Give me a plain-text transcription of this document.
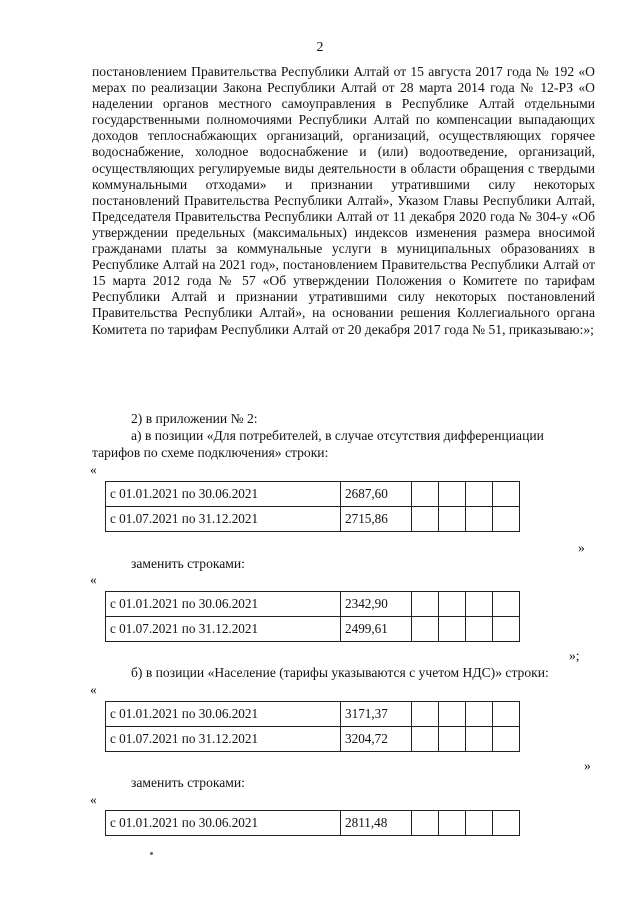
2

постановлением Правительства Республики Алтай от 15 августа 2017 года № 192 «О мерах по реализации Закона Республики Алтай от 28 марта 2014 года № 12-РЗ «О наделении органов местного самоуправления в Республике Алтай отдельными государственными полномочиями Республики Алтай по компенсации выпадающих доходов теплоснабжающих организаций, организаций, осуществляющих горячее водоснабжение, холодное водоснабжение и (или) водоотведение, организаций, осуществляющих регулируемые виды деятельности в области обращения с твердыми коммунальными отходами» и признании утратившими силу некоторых постановлений Правительства Республики Алтай», Указом Главы Республики Алтай, Председателя Правительства Республики Алтай от 11 декабря 2020 года № 304-у «Об утверждении предельных (максимальных) индексов изменения размера вносимой гражданами платы за коммунальные услуги в муниципальных образованиях в Республике Алтай на 2021 год», постановлением Правительства Республики Алтай от 15 марта 2012 года № 57 «Об утверждении Положения о Комитете по тарифам Республики Алтай и признании утратившими силу некоторых постановлений Правительства Республики Алтай», на основании решения Коллегиального органа Комитета по тарифам Республики Алтай от 20 декабря 2017 года № 51, приказываю:»;

2) в приложении № 2:
а) в позиции «Для потребителей, в случае отсутствия дифференциации
тарифов по схеме подключения» строки:
«
с 01.01.2021 по 30.06.2021	2687,60				
с 01.07.2021 по 31.12.2021	2715,86				
»
заменить строками:
«
с 01.01.2021 по 30.06.2021	2342,90				
с 01.07.2021 по 31.12.2021	2499,61				
»;
б) в позиции «Население (тарифы указываются с учетом НДС)» строки:
«
с 01.01.2021 по 30.06.2021	3171,37				
с 01.07.2021 по 31.12.2021	3204,72				
»
заменить строками:
«
с 01.01.2021 по 30.06.2021	2811,48				
